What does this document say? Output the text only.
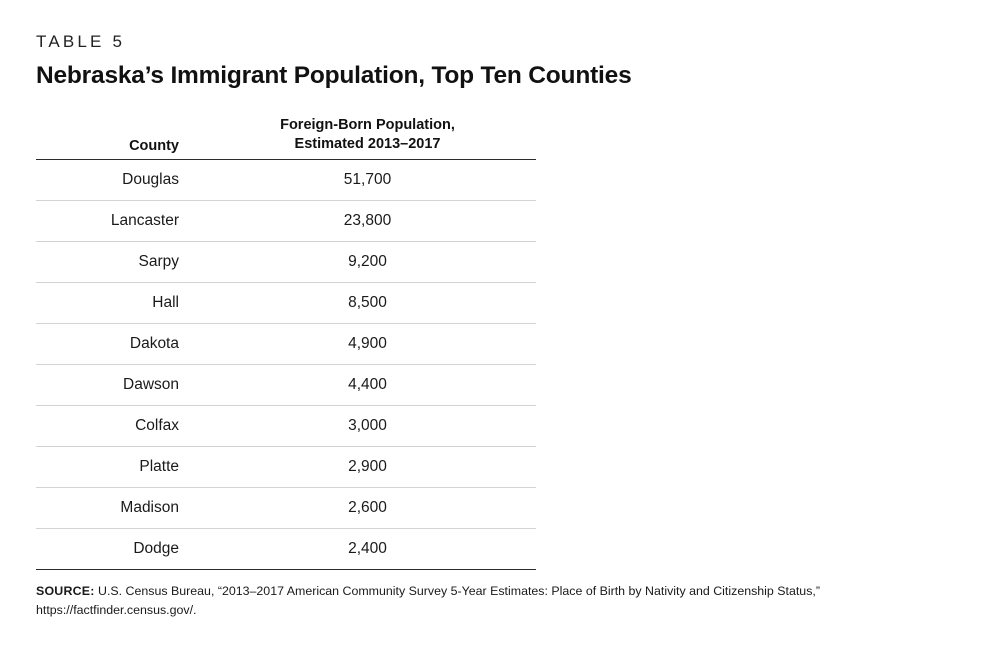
TABLE 5
Nebraska’s Immigrant Population, Top Ten Counties
County	Foreign-Born Population,
Estimated 2013–2017

Douglas	51,700
Lancaster	23,800
Sarpy	9,200
Hall	8,500
Dakota	4,900
Dawson	4,400
Colfax	3,000
Platte	2,900
Madison	2,600
Dodge	2,400
SOURCE: U.S. Census Bureau, “2013–2017 American Community Survey 5-Year Estimates: Place of Birth by Nativity and Citizenship Status,”
https://factfinder.census.gov/.
